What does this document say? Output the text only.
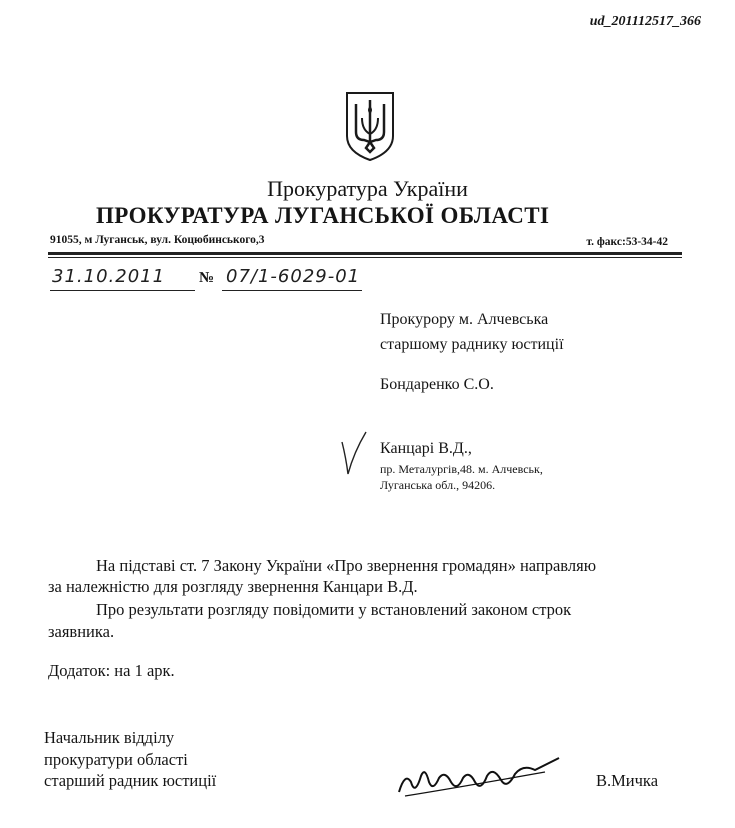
ud_201112517_366
Прокуратура України
ПРОКУРАТУРА ЛУГАНСЬКОЇ ОБЛАСТІ
91055, м Луганськ, вул. Коцюбинського,3	т. факс:53-34-42
31.10.2011 № 07/1-6029-01
Прокурору м. Алчевська
старшому раднику юстиції
Бондаренко С.О.
Канцарі В.Д.,
пр. Металургів,48. м. Алчевськ,
Луганська обл., 94206.
На підставі ст. 7 Закону України «Про звернення громадян» направляю
за належністю для розгляду звернення Канцари В.Д.
Про результати розгляду повідомити у встановлений законом строк
заявника.
Додаток: на 1 арк.
Начальник відділу
прокуратури області
старший радник юстиції	В.Мичка
